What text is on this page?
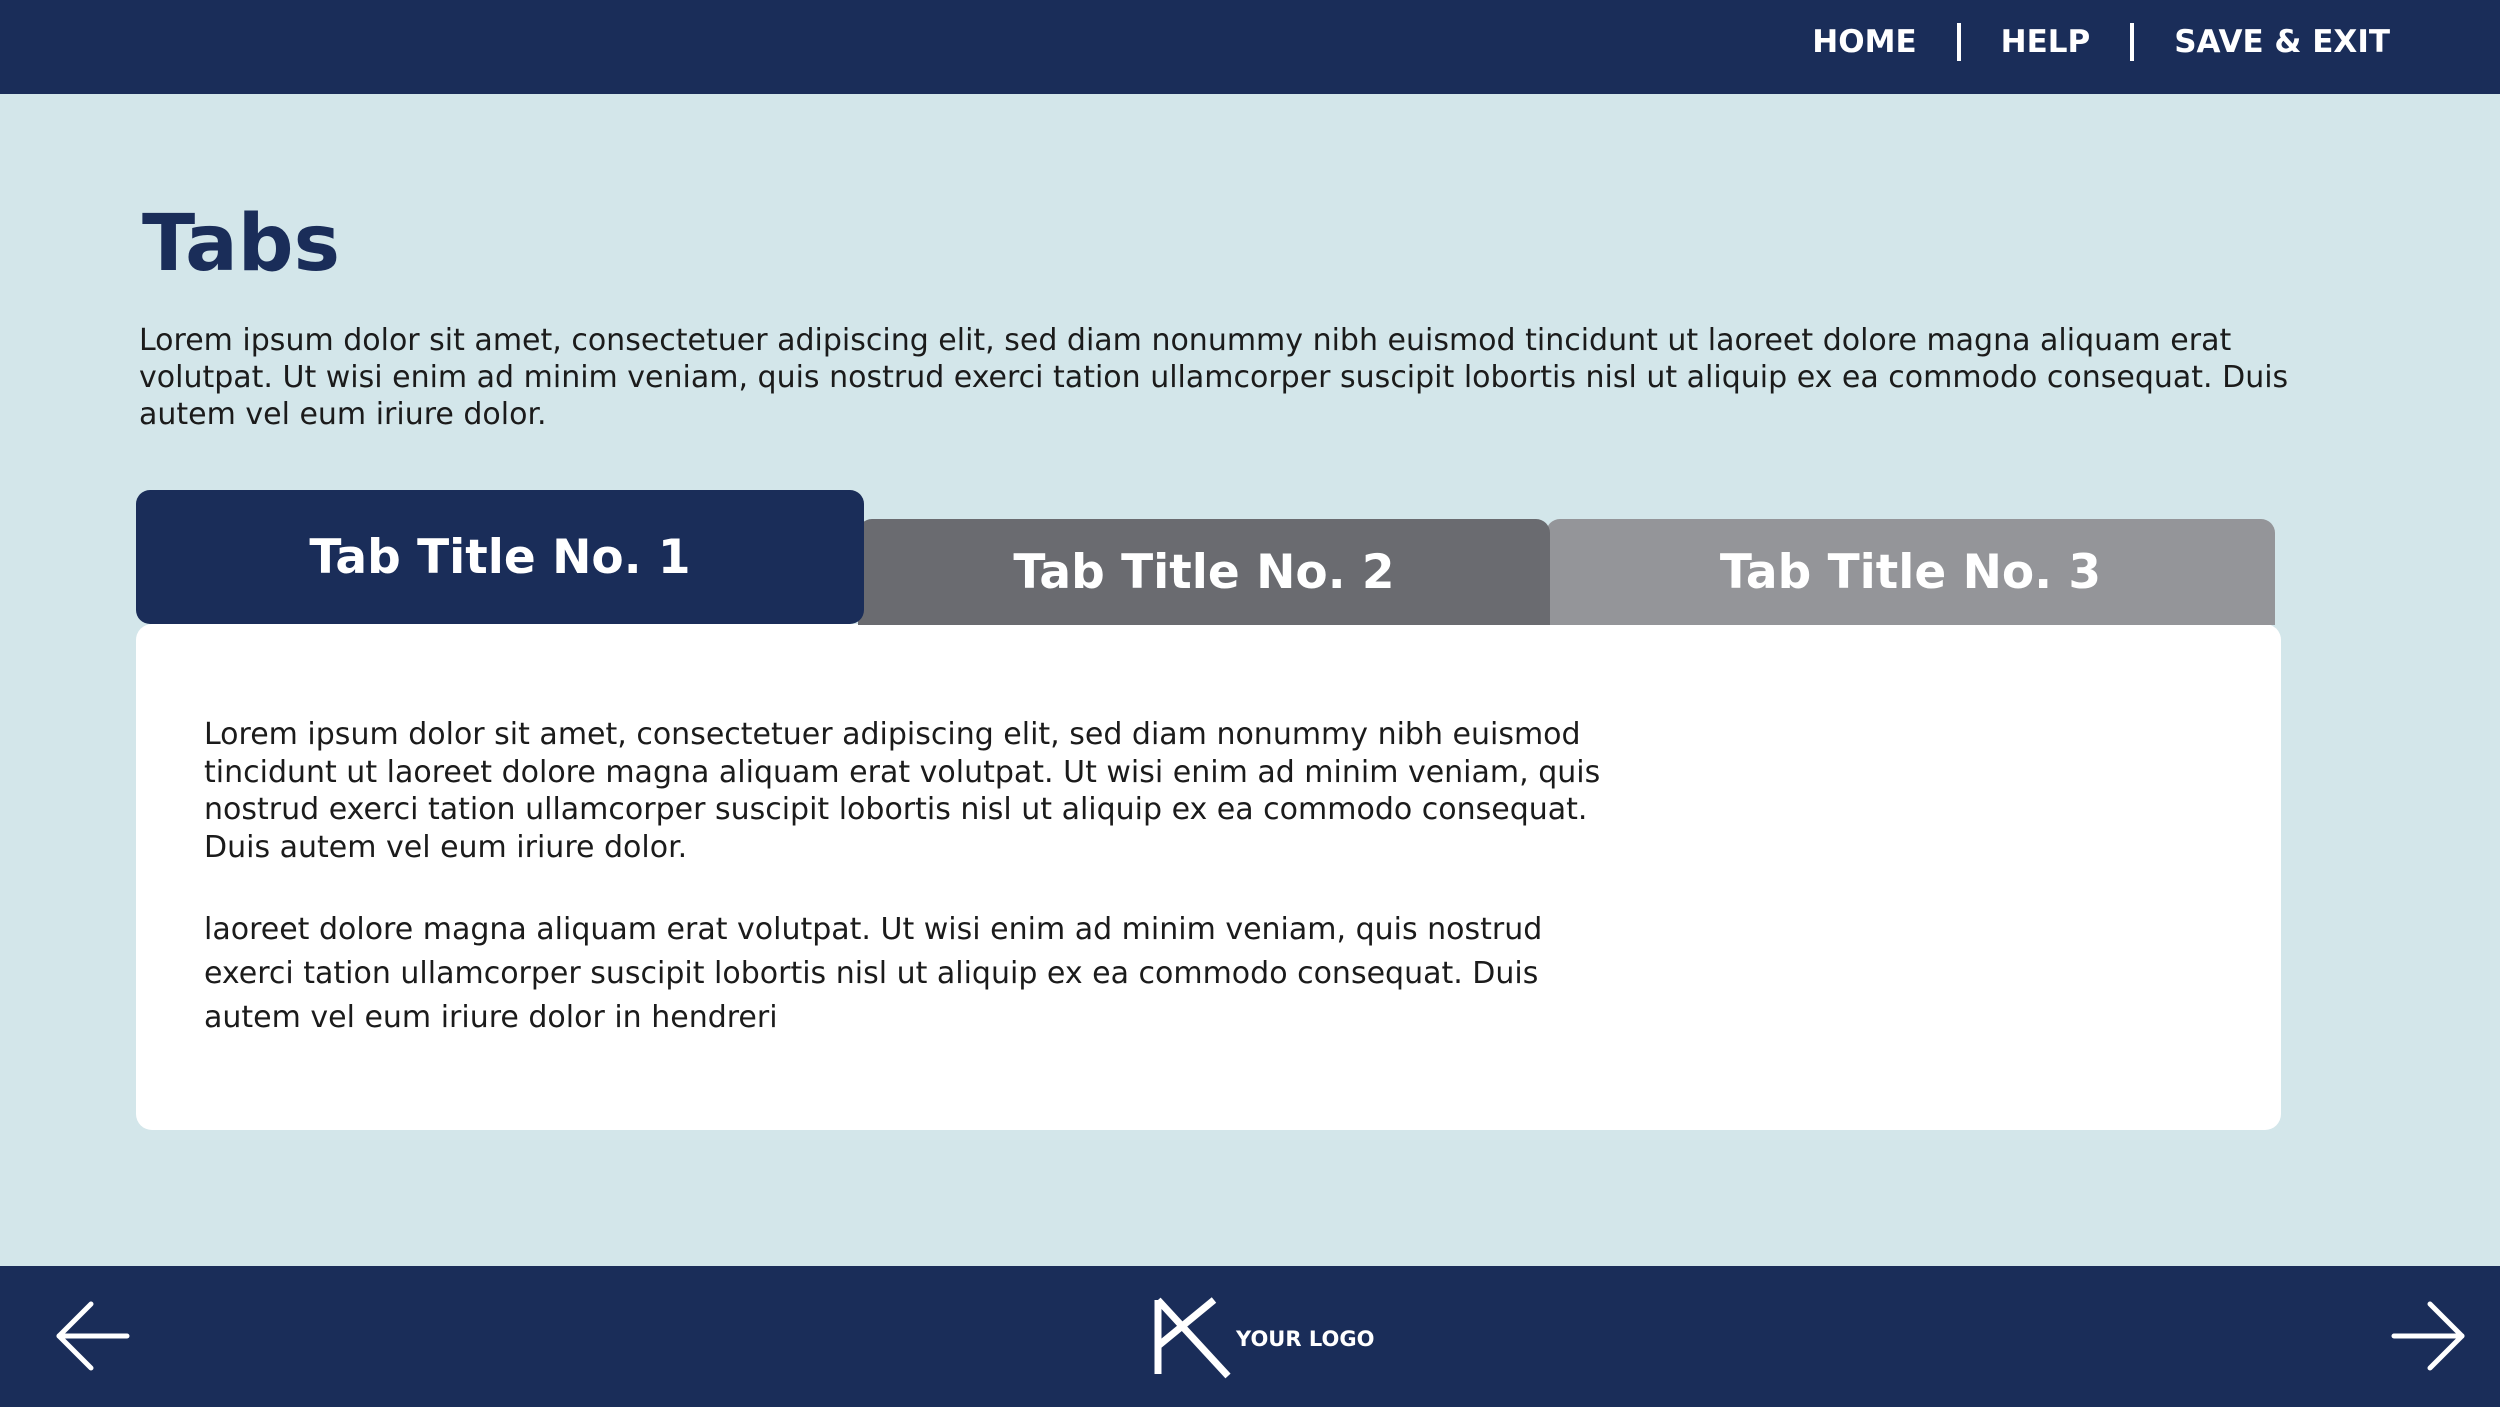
HOME	HELP	SAVE & EXIT
Tabs

Lorem ipsum dolor sit amet, consectetuer adipiscing elit, sed diam nonummy nibh euismod tincidunt ut laoreet dolore magna aliquam erat volutpat. Ut wisi enim ad minim veniam, quis nostrud exerci tation ullamcorper suscipit lobortis nisl ut aliquip ex ea commodo consequat. Duis autem vel eum iriure dolor.

Tab Title No. 1	Tab Title No. 2	Tab Title No. 3

Lorem ipsum dolor sit amet, consectetuer adipiscing elit, sed diam nonummy nibh euismod tincidunt ut laoreet dolore magna aliquam erat volutpat. Ut wisi enim ad minim veniam, quis nostrud exerci tation ullamcorper suscipit lobortis nisl ut aliquip ex ea commodo consequat. Duis autem vel eum iriure dolor.

laoreet dolore magna aliquam erat volutpat. Ut wisi enim ad minim veniam, quis nostrud exerci tation ullamcorper suscipit lobortis nisl ut aliquip ex ea commodo consequat. Duis autem vel eum iriure dolor in hendreri

YOUR LOGO
